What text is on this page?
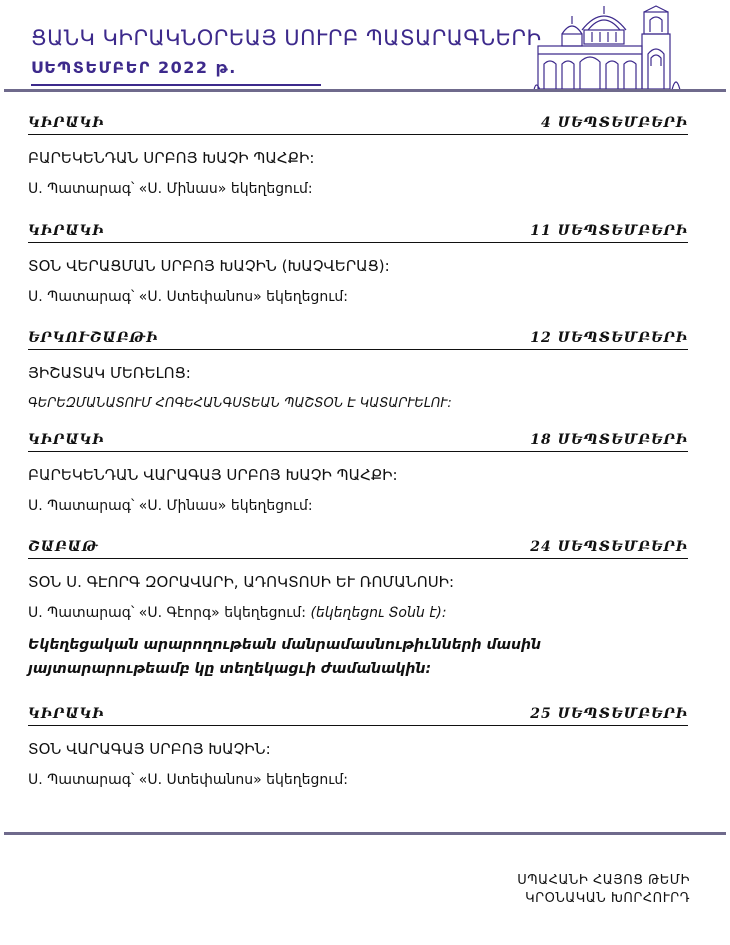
ՑԱՆԿ ԿԻՐԱԿՆՕՐԵԱՅ ՍՈՒՐԲ ՊԱՏԱՐԱԳՆԵՐԻ
ՍԵՊՏԵՄԲԵՐ 2022 թ.
ԿԻՐԱԿԻ	4 ՍԵՊՏԵՄԲԵՐԻ
ԲԱՐԵԿԵՆԴԱՆ ՍՐԲՈՅ ԽԱՉԻ ՊԱՀՔԻ:
Ս. Պատարագ՝ «Ս. Մինաս» եկեղեցում:
ԿԻՐԱԿԻ	11 ՍԵՊՏԵՄԲԵՐԻ
ՏՕՆ ՎԵՐԱՑՄԱՆ ՍՐԲՈՅ ԽԱՉԻՆ (ԽԱՉՎԵՐԱՑ):
Ս. Պատարագ՝ «Ս. Ստեփանոս» եկեղեցում:
ԵՐԿՈՒՇԱԲԹԻ	12 ՍԵՊՏԵՄԲԵՐԻ
ՅԻՇԱՏԱԿ ՄԵՌԵԼՈՑ:
ԳԵՐԵԶՄԱՆԱՏՈՒՄ ՀՈԳԵՀԱՆԳՍՏԵԱՆ ՊԱՇՏՕՆ Է ԿԱՏԱՐՒԵԼՈՒ:
ԿԻՐԱԿԻ	18 ՍԵՊՏԵՄԲԵՐԻ
ԲԱՐԵԿԵՆԴԱՆ ՎԱՐԱԳԱՅ ՍՐԲՈՅ ԽԱՉԻ ՊԱՀՔԻ:
Ս. Պատարագ՝ «Ս. Մինաս» եկեղեցում:
ՇԱԲԱԹ	24 ՍԵՊՏԵՄԲԵՐԻ
ՏՕՆ Ս. ԳԷՈՐԳ ԶՕՐԱՎԱՐԻ, ԱԴՈԿՏՈՍԻ ԵՒ ՌՈՄԱՆՈՍԻ:
Ս. Պատարագ՝ «Ս. Գէորգ» եկեղեցում: (եկեղեցու Տօնն է):
Եկեղեցական արարողութեան մանրամասնութիւնների մասին յայտարարութեամբ կը տեղեկացւի ժամանակին:
ԿԻՐԱԿԻ	25 ՍԵՊՏԵՄԲԵՐԻ
ՏՕՆ ՎԱՐԱԳԱՅ ՍՐԲՈՅ ԽԱՉԻՆ:
Ս. Պատարագ՝ «Ս. Ստեփանոս» եկեղեցում:
ՍՊԱՀԱՆԻ ՀԱՅՈՑ ԹԵՄԻ
ԿՐՕՆԱԿԱՆ ԽՈՐՀՈՒՐԴ
